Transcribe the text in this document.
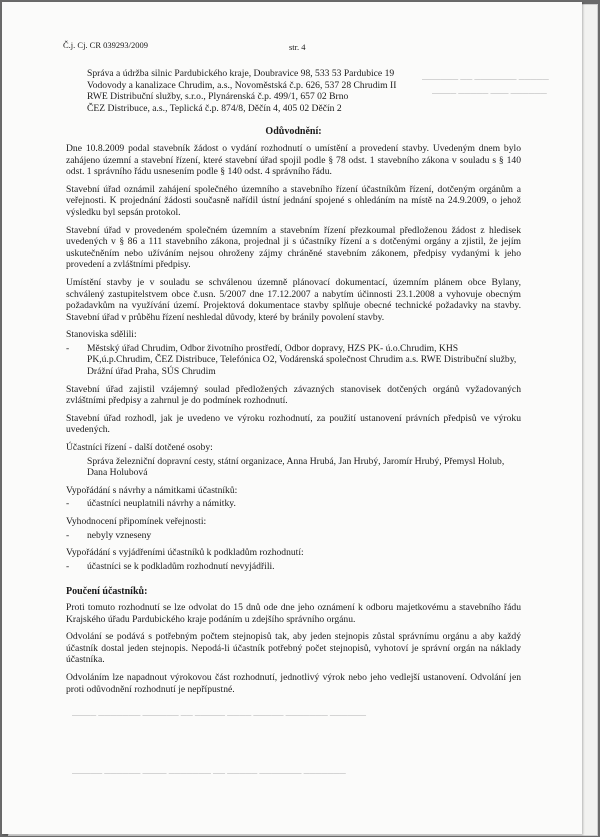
────── ── ─────── ─────
──── ───── ─── ──────
──── ─────── ────── ── ───── ──── ───── ─────── ──────
───── ────── ──── ─────── ── ───── ─────── ───────
Č.j. Cj. CR 039293/2009	str. 4
Správa a údržba silnic Pardubického kraje, Doubravice 98, 533 53 Pardubice 19
Vodovody a kanalizace Chrudim, a.s., Novoměstská č.p. 626, 537 28 Chrudim II
RWE Distribuční služby, s.r.o., Plynárenská č.p. 499/1, 657 02 Brno
ČEZ Distribuce, a.s., Teplická č.p. 874/8, Děčín 4, 405 02 Děčín 2
Odůvodnění:

Dne 10.8.2009 podal stavebník žádost o vydání rozhodnutí o umístění a provedení stavby. Uvedeným dnem bylo zahájeno územní a stavební řízení, které stavební úřad spojil podle § 78 odst. 1 stavebního zákona v souladu s § 140 odst. 1 správního řádu usnesením podle § 140 odst. 4 správního řádu.

Stavební úřad oznámil zahájení společného územního a stavebního řízení účastníkům řízení, dotčeným orgánům a veřejnosti. K projednání žádosti současně nařídil ústní jednání spojené s ohledáním na místě na 24.9.2009, o jehož výsledku byl sepsán protokol.

Stavební úřad v provedeném společném územním a stavebním řízení přezkoumal předloženou žádost z hledisek uvedených v § 86 a 111 stavebního zákona, projednal ji s účastníky řízení a s dotčenými orgány a zjistil, že jejím uskutečněním nebo užíváním nejsou ohroženy zájmy chráněné stavebním zákonem, předpisy vydanými k jeho provedení a zvláštními předpisy.

Umístění stavby je v souladu se schválenou územně plánovací dokumentací, územním plánem obce Bylany, schválený zastupitelstvem obce č.usn. 5/2007 dne 17.12.2007 a nabytím účinnosti 23.1.2008 a vyhovuje obecným požadavkům na využívání území. Projektová dokumentace stavby splňuje obecné technické požadavky na stavby. Stavební úřad v průběhu řízení neshledal důvody, které by bránily povolení stavby.

Stanoviska sdělili:

-	Městský úřad Chrudim, Odbor životního prostředí, Odbor dopravy, HZS PK- ú.o.Chrudim, KHS PK,ú.p.Chrudim, ČEZ Distribuce, Telefónica O2, Vodárenská společnost Chrudim a.s. RWE Distribuční služby, Drážní úřad Praha, SÚS Chrudim

Stavební úřad zajistil vzájemný soulad předložených závazných stanovisek dotčených orgánů vyžadovaných zvláštními předpisy a zahrnul je do podmínek rozhodnutí.

Stavební úřad rozhodl, jak je uvedeno ve výroku rozhodnutí, za použití ustanovení právních předpisů ve výroku uvedených.

Účastníci řízení - další dotčené osoby:

Správa železniční dopravní cesty, státní organizace, Anna Hrubá, Jan Hrubý, Jaromír Hrubý, Přemysl Holub, Dana Holubová

Vypořádání s návrhy a námitkami účastníků:

-	účastníci neuplatnili návrhy a námitky.

Vyhodnocení připomínek veřejnosti:

-	nebyly vzneseny

Vypořádání s vyjádřeními účastníků k podkladům rozhodnutí:

-	účastníci se k podkladům rozhodnutí nevyjádřili.
Poučení účastníků:

Proti tomuto rozhodnutí se lze odvolat do 15 dnů ode dne jeho oznámení k odboru majetkovému a stavebního řádu Krajského úřadu Pardubického kraje podáním u zdejšího správního orgánu.

Odvolání se podává s potřebným počtem stejnopisů tak, aby jeden stejnopis zůstal správnímu orgánu a aby každý účastník dostal jeden stejnopis. Nepodá-li účastník potřebný počet stejnopisů, vyhotoví je správní orgán na náklady účastníka.

Odvoláním lze napadnout výrokovou část rozhodnutí, jednotlivý výrok nebo jeho vedlejší ustanovení. Odvolání jen proti odůvodnění rozhodnutí je nepřípustné.
